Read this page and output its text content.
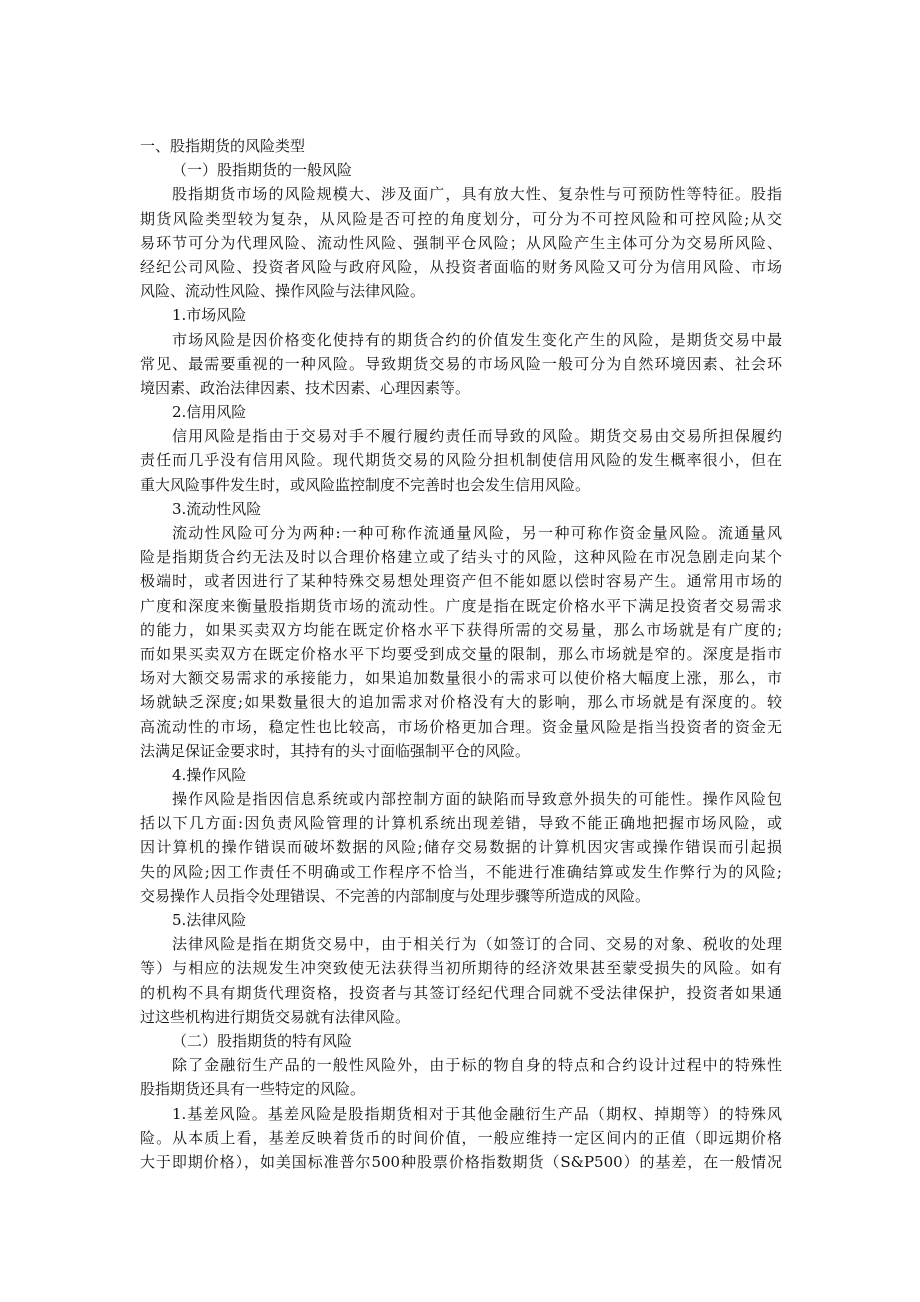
一、股指期货的风险类型
（一）股指期货的一般风险
股指期货市场的风险规模大、涉及面广，具有放大性、复杂性与可预防性等特征。股指
期货风险类型较为复杂，从风险是否可控的角度划分，可分为不可控风险和可控风险;从交
易环节可分为代理风险、流动性风险、强制平仓风险；从风险产生主体可分为交易所风险、
经纪公司风险、投资者风险与政府风险，从投资者面临的财务风险又可分为信用风险、市场
风险、流动性风险、操作风险与法律风险。
1.市场风险
市场风险是因价格变化使持有的期货合约的价值发生变化产生的风险，是期货交易中最
常见、最需要重视的一种风险。导致期货交易的市场风险一般可分为自然环境因素、社会环
境因素、政治法律因素、技术因素、心理因素等。
2.信用风险
信用风险是指由于交易对手不履行履约责任而导致的风险。期货交易由交易所担保履约
责任而几乎没有信用风险。现代期货交易的风险分担机制使信用风险的发生概率很小，但在
重大风险事件发生时，或风险监控制度不完善时也会发生信用风险。
3.流动性风险
流动性风险可分为两种:一种可称作流通量风险，另一种可称作资金量风险。流通量风
险是指期货合约无法及时以合理价格建立或了结头寸的风险，这种风险在市况急剧走向某个
极端时，或者因进行了某种特殊交易想处理资产但不能如愿以偿时容易产生。通常用市场的
广度和深度来衡量股指期货市场的流动性。广度是指在既定价格水平下满足投资者交易需求
的能力，如果买卖双方均能在既定价格水平下获得所需的交易量，那么市场就是有广度的;
而如果买卖双方在既定价格水平下均要受到成交量的限制，那么市场就是窄的。深度是指市
场对大额交易需求的承接能力，如果追加数量很小的需求可以使价格大幅度上涨，那么，市
场就缺乏深度;如果数量很大的追加需求对价格没有大的影响，那么市场就是有深度的。较
高流动性的市场，稳定性也比较高，市场价格更加合理。资金量风险是指当投资者的资金无
法满足保证金要求时，其持有的头寸面临强制平仓的风险。
4.操作风险
操作风险是指因信息系统或内部控制方面的缺陷而导致意外损失的可能性。操作风险包
括以下几方面:因负责风险管理的计算机系统出现差错，导致不能正确地把握市场风险，或
因计算机的操作错误而破坏数据的风险;储存交易数据的计算机因灾害或操作错误而引起损
失的风险;因工作责任不明确或工作程序不恰当，不能进行准确结算或发生作弊行为的风险;
交易操作人员指令处理错误、不完善的内部制度与处理步骤等所造成的风险。
5.法律风险
法律风险是指在期货交易中，由于相关行为（如签订的合同、交易的对象、税收的处理
等）与相应的法规发生冲突致使无法获得当初所期待的经济效果甚至蒙受损失的风险。如有
的机构不具有期货代理资格，投资者与其签订经纪代理合同就不受法律保护，投资者如果通
过这些机构进行期货交易就有法律风险。
（二）股指期货的特有风险
除了金融衍生产品的一般性风险外，由于标的物自身的特点和合约设计过程中的特殊性
股指期货还具有一些特定的风险。
1.基差风险。基差风险是股指期货相对于其他金融衍生产品（期权、掉期等）的特殊风
险。从本质上看，基差反映着货币的时间价值，一般应维持一定区间内的正值（即远期价格
大于即期价格），如美国标准普尔500种股票价格指数期货（S&P500）的基差，在一般情况
